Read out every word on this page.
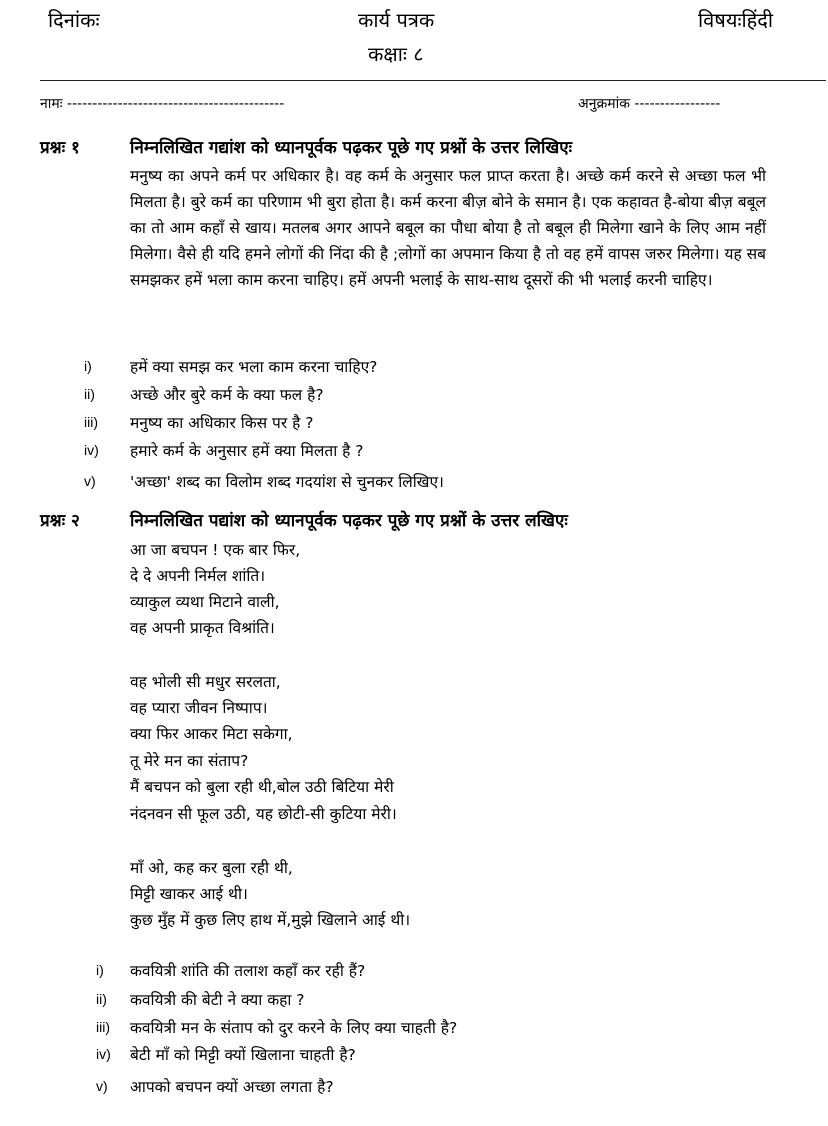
दिनांकः	कार्य पत्रक	विषयःहिंदी
कक्षाः ८
नामः -------------------------------------------	अनुक्रमांक -----------------
प्रश्नः १	निम्नलिखित गद्यांश को ध्यानपूर्वक पढ़कर पूछे गए प्रश्नों के उत्तर लिखिएः

मनुष्य का अपने कर्म पर अधिकार है। वह कर्म के अनुसार फल प्राप्त करता है। अच्छे कर्म करने से अच्छा फल भी मिलता है। बुरे कर्म का परिणाम भी बुरा होता है। कर्म करना बीज़ बोने के समान है। एक कहावत है-बोया बीज़ बबूल का तो आम कहाँ से खाय। मतलब अगर आपने बबूल का पौधा बोया है तो बबूल ही मिलेगा खाने के लिए आम नहीं मिलेगा। वैसे ही यदि हमने लोगों की निंदा की है ;लोगों का अपमान किया है तो वह हमें वापस जरुर मिलेगा। यह सब समझकर हमें भला काम करना चाहिए। हमें अपनी भलाई के साथ-साथ दूसरों की भी भलाई करनी चाहिए।

i) हमें क्या समझ कर भला काम करना चाहिए?
ii) अच्छे और बुरे कर्म के क्या फल है?
iii) मनुष्य का अधिकार किस पर है ?
iv) हमारे कर्म के अनुसार हमें क्या मिलता है ?
v) 'अच्छा' शब्द का विलोम शब्द गदयांश से चुनकर लिखिए।
प्रश्नः २	निम्नलिखित पद्यांश को ध्यानपूर्वक पढ़कर पूछे गए प्रश्नों के उत्तर लखिएः
आ जा बचपन ! एक बार फिर,
दे दे अपनी निर्मल शांति।
व्याकुल व्यथा मिटाने वाली,
वह अपनी प्राकृत विश्रांति।
वह भोली सी मधुर सरलता,
वह प्यारा जीवन निष्पाप।
क्या फिर आकर मिटा सकेगा,
तू मेरे मन का संताप?
मैं बचपन को बुला रही थी,बोल उठी बिटिया मेरी
नंदनवन सी फूल उठी, यह छोटी-सी कुटिया मेरी।
माँ ओ, कह कर बुला रही थी,
मिट्टी खाकर आई थी।
कुछ मुँह में कुछ लिए हाथ में,मुझे खिलाने आई थी।
i) कवयित्री शांति की तलाश कहाँ कर रही हैं?
ii) कवयित्री की बेटी ने क्या कहा ?
iii) कवयित्री मन के संताप को दुर करने के लिए क्या चाहती है?
iv) बेटी माँ को मिट्टी क्यों खिलाना चाहती है?
v) आपको बचपन क्यों अच्छा लगता है?
